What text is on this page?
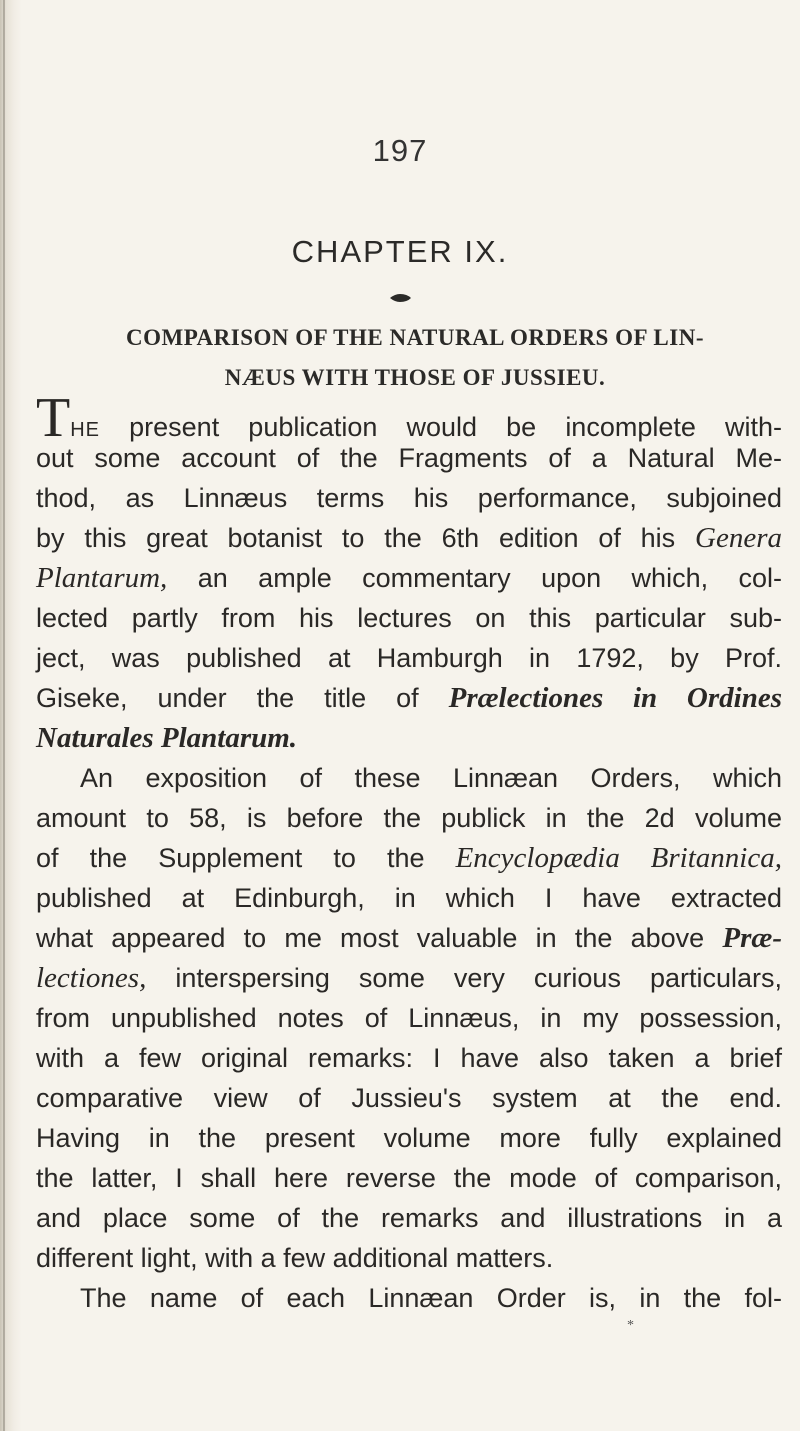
197
CHAPTER IX.
COMPARISON OF THE NATURAL ORDERS OF LIN-
NÆUS WITH THOSE OF JUSSIEU.
THE present publication would be incomplete with-
out some account of the Fragments of a Natural Me-
thod, as Linnæus terms his performance, subjoined
by this great botanist to the 6th edition of his Genera
Plantarum, an ample commentary upon which, col-
lected partly from his lectures on this particular sub-
ject, was published at Hamburgh in 1792, by Prof.
Giseke, under the title of Prælectiones in Ordines
Naturales Plantarum.
An exposition of these Linnæan Orders, which
amount to 58, is before the publick in the 2d volume
of the Supplement to the Encyclopædia Britannica,
published at Edinburgh, in which I have extracted
what appeared to me most valuable in the above Præ-
lectiones, interspersing some very curious particulars,
from unpublished notes of Linnæus, in my possession,
with a few original remarks: I have also taken a brief
comparative view of Jussieu's system at the end.
Having in the present volume more fully explained
the latter, I shall here reverse the mode of comparison,
and place some of the remarks and illustrations in a
different light, with a few additional matters.
The name of each Linnæan Order is, in the fol-
*
